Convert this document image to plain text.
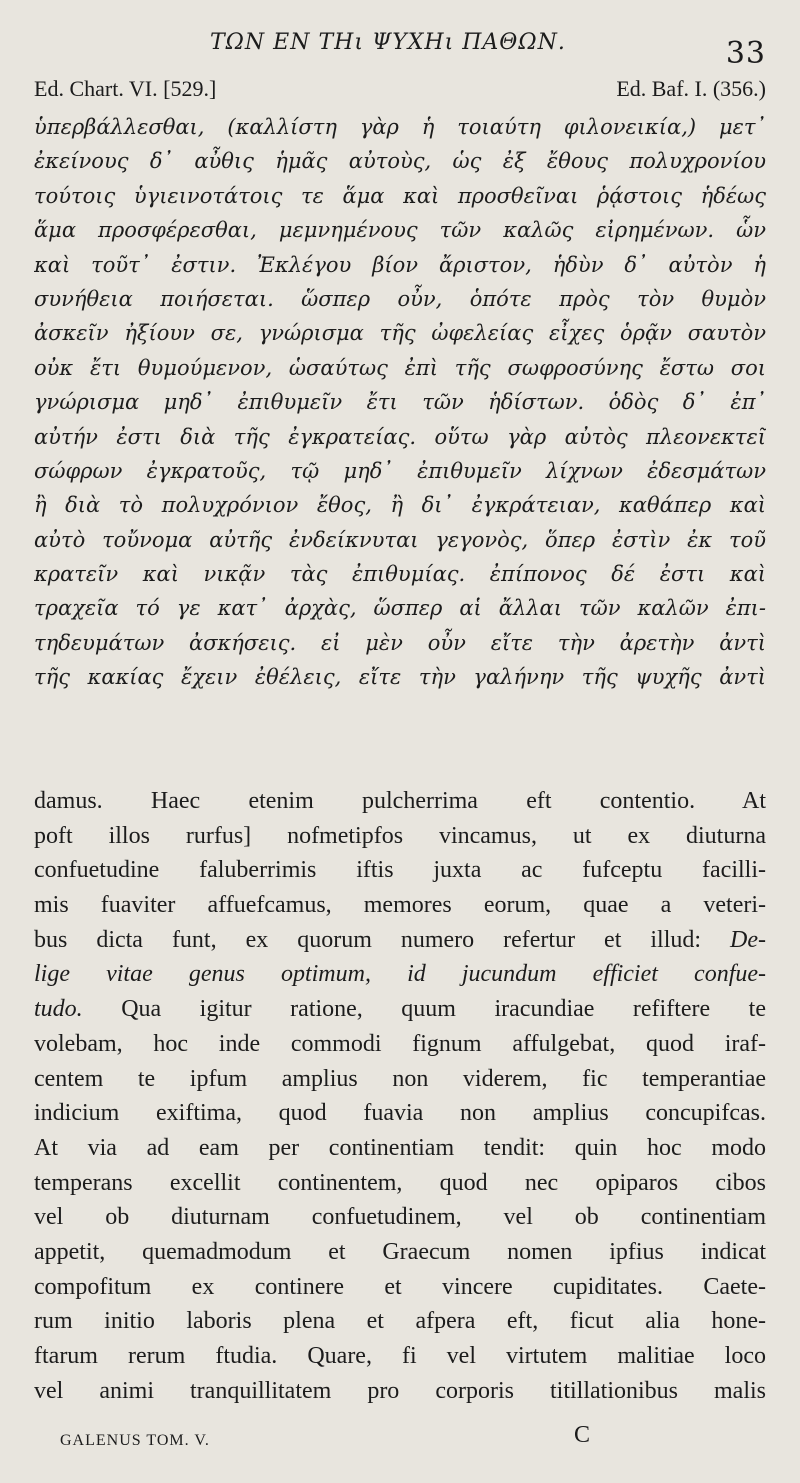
ΤΩΝ ΕΝ ΤΗι ΨΥΧΗι ΠΑΘΩΝ.	33
Ed. Chart. VI. [529.]	Ed. Baf. I. (356.)
ὑπερβάλλεσθαι, (καλλίστη γὰρ ἡ τοιαύτη φιλονεικία,) μετ᾽
ἐκείνους δ᾽ αὖθις ἡμᾶς αὐτοὺς, ὡς ἐξ ἔθους πολυχρονίου
τούτοις ὑγιεινοτάτοις τε ἅμα καὶ προσθεῖναι ῥᾴστοις ἡδέως
ἅμα προσφέρεσθαι, μεμνημένους τῶν καλῶς εἰρημένων. ὧν
καὶ τοῦτ᾽ ἐστιν. Ἐκλέγου βίον ἄριστον, ἡδὺν δ᾽ αὐτὸν ἡ
συνήθεια ποιήσεται. ὥσπερ οὖν, ὁπότε πρὸς τὸν θυμὸν
ἀσκεῖν ἠξίουν σε, γνώρισμα τῆς ὠφελείας εἶχες ὁρᾷν σαυτὸν
οὐκ ἔτι θυμούμενον, ὡσαύτως ἐπὶ τῆς σωφροσύνης ἔστω σοι
γνώρισμα μηδ᾽ ἐπιθυμεῖν ἔτι τῶν ἡδίστων. ὁδὸς δ᾽ ἐπ᾽
αὐτήν ἐστι διὰ τῆς ἐγκρατείας. οὕτω γὰρ αὐτὸς πλεονεκτεῖ
σώφρων ἐγκρατοῦς, τῷ μηδ᾽ ἐπιθυμεῖν λίχνων ἐδεσμάτων
ἢ διὰ τὸ πολυχρόνιον ἔθος, ἢ δι᾽ ἐγκράτειαν, καθάπερ καὶ
αὐτὸ τοὔνομα αὐτῆς ἐνδείκνυται γεγονὸς, ὅπερ ἐστὶν ἐκ τοῦ
κρατεῖν καὶ νικᾷν τὰς ἐπιθυμίας. ἐπίπονος δέ ἐστι καὶ
τραχεῖα τό γε κατ᾽ ἀρχὰς, ὥσπερ αἱ ἄλλαι τῶν καλῶν ἐπι-
τηδευμάτων ἀσκήσεις. εἰ μὲν οὖν εἴτε τὴν ἀρετὴν ἀντὶ
τῆς κακίας ἔχειν ἐθέλεις, εἴτε τὴν γαλήνην τῆς ψυχῆς ἀντὶ
damus. Haec etenim pulcherrima eft contentio. At
poft illos rurfus] nofmetipfos vincamus, ut ex diuturna
confuetudine faluberrimis iftis juxta ac fufceptu facilli-
mis fuaviter affuefcamus, memores eorum, quae a veteri-
bus dicta funt, ex quorum numero refertur et illud: De-
lige vitae genus optimum, id jucundum efficiet confue-
tudo. Qua igitur ratione, quum iracundiae refiftere te
volebam, hoc inde commodi fignum affulgebat, quod iraf-
centem te ipfum amplius non viderem, fic temperantiae
indicium exiftima, quod fuavia non amplius concupifcas.
At via ad eam per continentiam tendit: quin hoc modo
temperans excellit continentem, quod nec opiparos cibos
vel ob diuturnam confuetudinem, vel ob continentiam
appetit, quemadmodum et Graecum nomen ipfius indicat
compofitum ex continere et vincere cupiditates. Caete-
rum initio laboris plena et afpera eft, ficut alia hone-
ftarum rerum ftudia. Quare, fi vel virtutem malitiae loco
vel animi tranquillitatem pro corporis titillationibus malis
GALENUS TOM. V.	C
